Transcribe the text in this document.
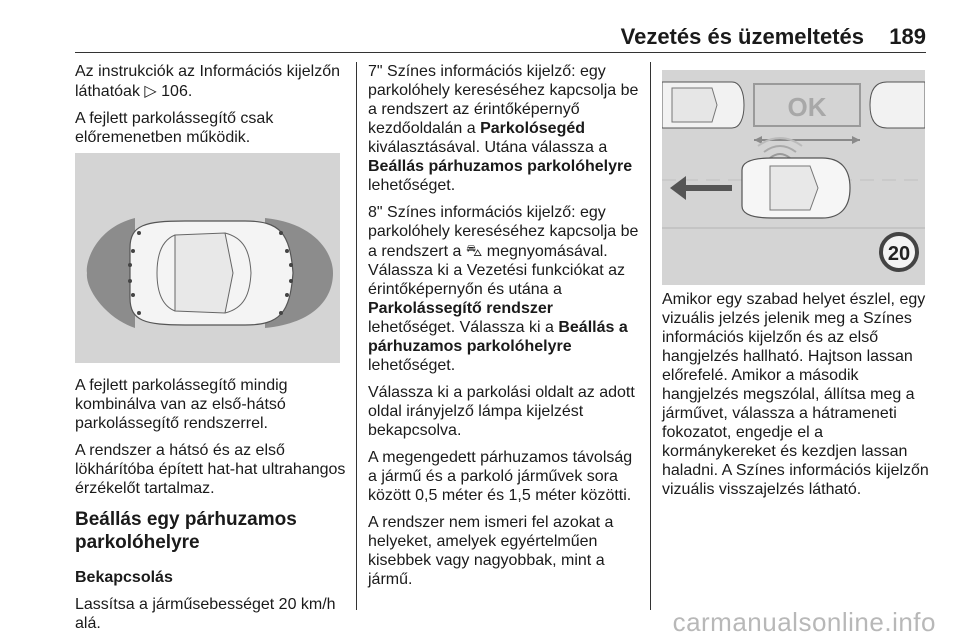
Vezetés és üzemeltetés 189

Az instrukciók az Információs kijelzőn láthatóak ▷ 106.

A fejlett parkolássegítő csak előremenetben működik.

A fejlett parkolássegítő mindig kombinálva van az első-hátsó parkolássegítő rendszerrel.

A rendszer a hátsó és az első lökhárítóba épített hat-hat ultrahangos érzékelőt tartalmaz.

Beállás egy párhuzamos parkolóhelyre

Bekapcsolás

Lassítsa a járműsebességet 20 km/h alá.

7" Színes információs kijelző: egy parkolóhely kereséséhez kapcsolja be a rendszert az érintőképernyő kezdőoldalán a Parkolósegéd kiválasztásával. Utána válassza a Beállás párhuzamos parkolóhelyre lehetőséget.

8" Színes információs kijelző: egy parkolóhely kereséséhez kapcsolja be a rendszert a ⛍ megnyomásával. Válassza ki a Vezetési funkciókat az érintőképernyőn és utána a Parkolássegítő rendszer lehetőséget. Válassza ki a Beállás a párhuzamos parkolóhelyre lehetőséget.

Válassza ki a parkolási oldalt az adott oldal irányjelző lámpa kijelzést bekapcsolva.

A megengedett párhuzamos távolság a jármű és a parkoló járművek sora között 0,5 méter és 1,5 méter közötti.

A rendszer nem ismeri fel azokat a helyeket, amelyek egyértelműen kisebbek vagy nagyobbak, mint a jármű.

OK
20

Amikor egy szabad helyet észlel, egy vizuális jelzés jelenik meg a Színes információs kijelzőn és az első hangjelzés hallható. Hajtson lassan előrefelé. Amikor a második hangjelzés megszólal, állítsa meg a járművet, válassza a hátrameneti fokozatot, engedje el a kormánykereket és kezdjen lassan haladni. A Színes információs kijelzőn vizuális visszajelzés látható.

carmanualsonline.info
